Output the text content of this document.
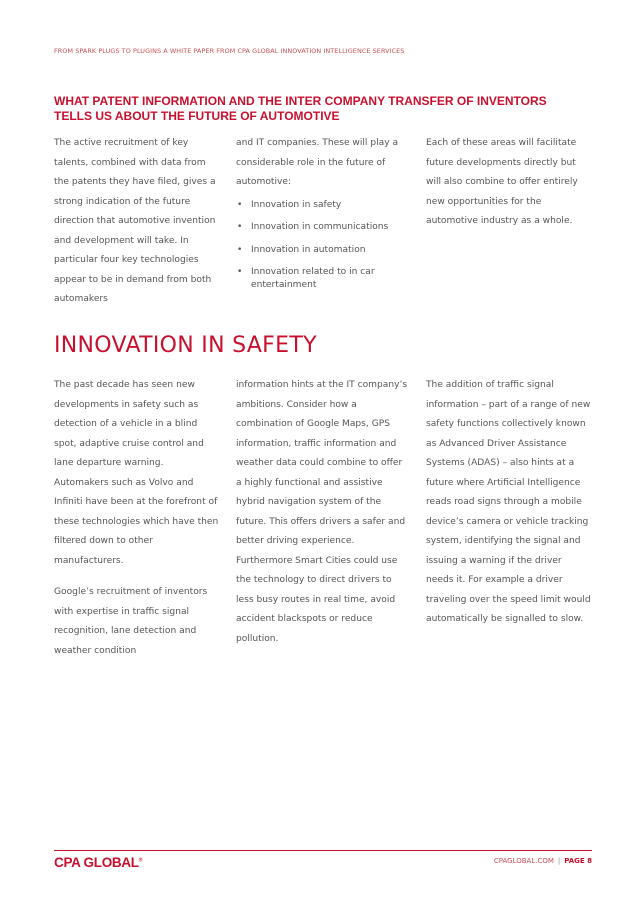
FROM SPARK PLUGS TO PLUGINS A WHITE PAPER FROM CPA GLOBAL INNOVATION INTELLIGENCE SERVICES
WHAT PATENT INFORMATION AND THE INTER COMPANY TRANSFER OF INVENTORS
TELLS US ABOUT THE FUTURE OF AUTOMOTIVE

The active recruitment of key talents, combined with data from the patents they have filed, gives a strong indication of the future direction that automotive invention and development will take. In particular four key technologies appear to be in demand from both automakers

and IT companies. These will play a considerable role in the future of automotive:

• Innovation in safety
• Innovation in communications
• Innovation in automation
• Innovation related to in car entertainment

Each of these areas will facilitate future developments directly but will also combine to offer entirely new opportunities for the automotive industry as a whole.

INNOVATION IN SAFETY

The past decade has seen new developments in safety such as detection of a vehicle in a blind spot, adaptive cruise control and lane departure warning. Automakers such as Volvo and Infiniti have been at the forefront of these technologies which have then filtered down to other manufacturers.

Google’s recruitment of inventors with expertise in traffic signal recognition, lane detection and weather condition

information hints at the IT company’s ambitions. Consider how a combination of Google Maps, GPS information, traffic information and weather data could combine to offer a highly functional and assistive hybrid navigation system of the future. This offers drivers a safer and better driving experience. Furthermore Smart Cities could use the technology to direct drivers to less busy routes in real time, avoid accident blackspots or reduce pollution.

The addition of traffic signal information – part of a range of new safety functions collectively known as Advanced Driver Assistance Systems (ADAS) – also hints at a future where Artificial Intelligence reads road signs through a mobile device’s camera or vehicle tracking system, identifying the signal and issuing a warning if the driver needs it. For example a driver traveling over the speed limit would automatically be signalled to slow.

CPA GLOBAL®	CPAGLOBAL.COM | PAGE 8
